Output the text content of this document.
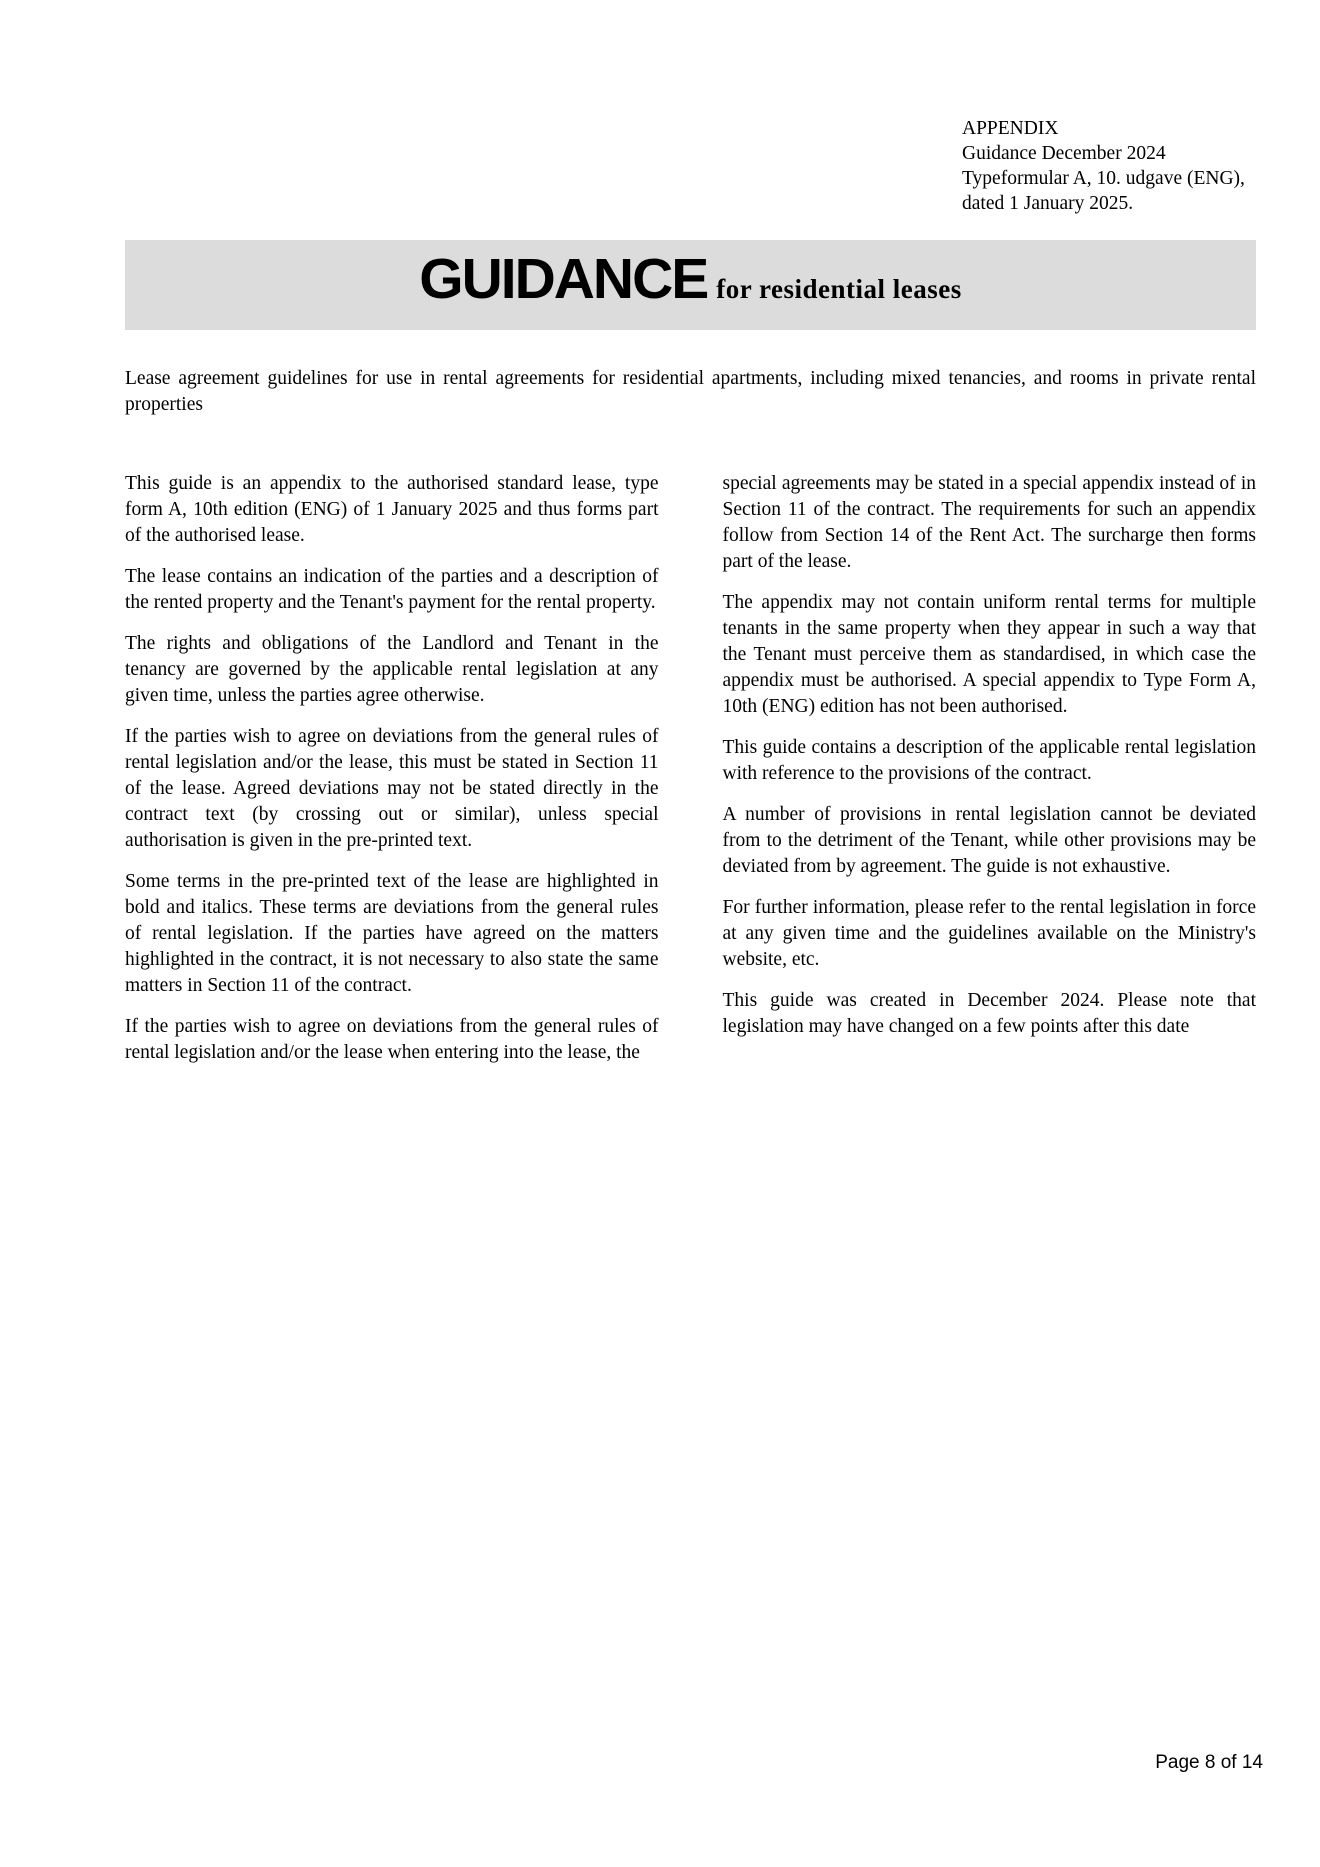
APPENDIX
Guidance December 2024
Typeformular A, 10. udgave (ENG),
dated 1 January 2025.
GUIDANCE for residential leases

Lease agreement guidelines for use in rental agreements for residential apartments, including mixed tenancies, and rooms in private rental properties

This guide is an appendix to the authorised standard lease, type form A, 10th edition (ENG) of 1 January 2025 and thus forms part of the authorised lease.

The lease contains an indication of the parties and a description of the rented property and the Tenant's payment for the rental property.

The rights and obligations of the Landlord and Tenant in the tenancy are governed by the applicable rental legislation at any given time, unless the parties agree otherwise.

If the parties wish to agree on deviations from the general rules of rental legislation and/or the lease, this must be stated in Section 11 of the lease. Agreed deviations may not be stated directly in the contract text (by crossing out or similar), unless special authorisation is given in the pre-printed text.

Some terms in the pre-printed text of the lease are highlighted in bold and italics. These terms are deviations from the general rules of rental legislation. If the parties have agreed on the matters highlighted in the contract, it is not necessary to also state the same matters in Section 11 of the contract.

If the parties wish to agree on deviations from the general rules of rental legislation and/or the lease when entering into the lease, the

special agreements may be stated in a special appendix instead of in Section 11 of the contract. The requirements for such an appendix follow from Section 14 of the Rent Act. The surcharge then forms part of the lease.

The appendix may not contain uniform rental terms for multiple tenants in the same property when they appear in such a way that the Tenant must perceive them as standardised, in which case the appendix must be authorised. A special appendix to Type Form A, 10th (ENG) edition has not been authorised.

This guide contains a description of the applicable rental legislation with reference to the provisions of the contract.

A number of provisions in rental legislation cannot be deviated from to the detriment of the Tenant, while other provisions may be deviated from by agreement. The guide is not exhaustive.

For further information, please refer to the rental legislation in force at any given time and the guidelines available on the Ministry's website, etc.

This guide was created in December 2024. Please note that legislation may have changed on a few points after this date

Page 8 of 14
